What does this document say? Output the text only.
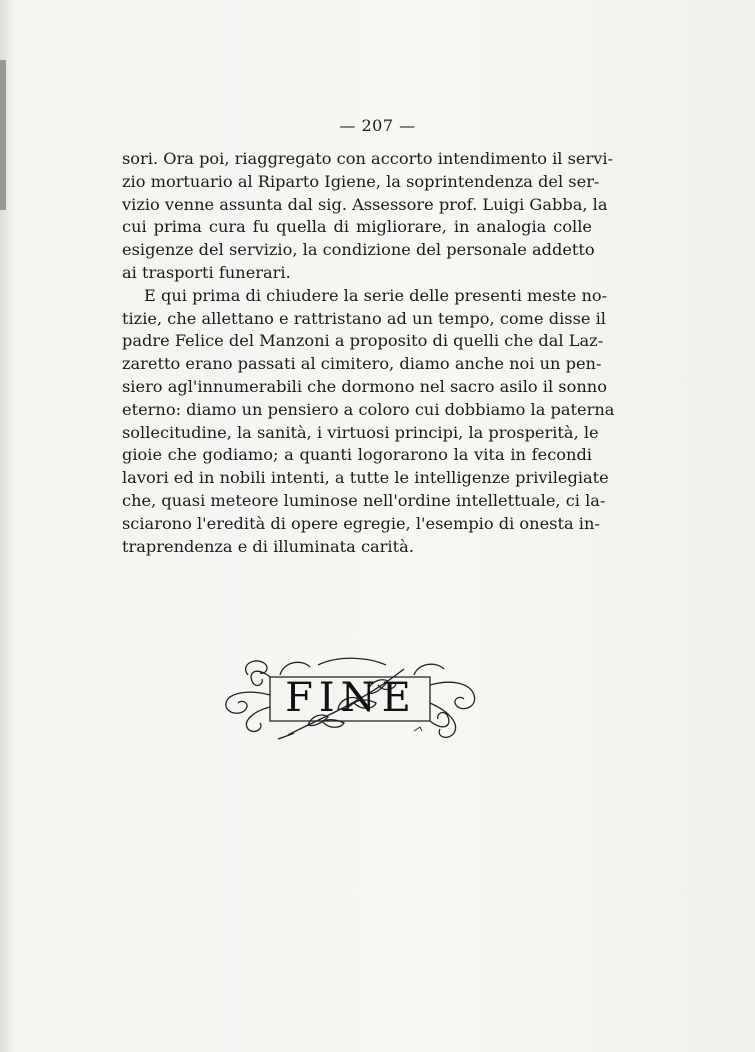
— 207 —

sori. Ora poi, riaggregato con accorto intendimento il servi-
zio mortuario al Riparto Igiene, la soprintendenza del ser-
vizio venne assunta dal sig. Assessore prof. Luigi Gabba, la
cui prima cura fu quella di migliorare, in analogia colle
esigenze del servizio, la condizione del personale addetto
ai trasporti funerari.

E qui prima di chiudere la serie delle presenti meste no-
tizie, che allettano e rattristano ad un tempo, come disse il
padre Felice del Manzoni a proposito di quelli che dal Laz-
zaretto erano passati al cimitero, diamo anche noi un pen-
siero agl'innumerabili che dormono nel sacro asilo il sonno
eterno: diamo un pensiero a coloro cui dobbiamo la paterna
sollecitudine, la sanità, i virtuosi principi, la prosperità, le
gioie che godiamo; a quanti logorarono la vita in fecondi
lavori ed in nobili intenti, a tutte le intelligenze privilegiate
che, quasi meteore luminose nell'ordine intellettuale, ci la-
sciarono l'eredità di opere egregie, l'esempio di onesta in-
traprendenza e di illuminata carità.

FINE
